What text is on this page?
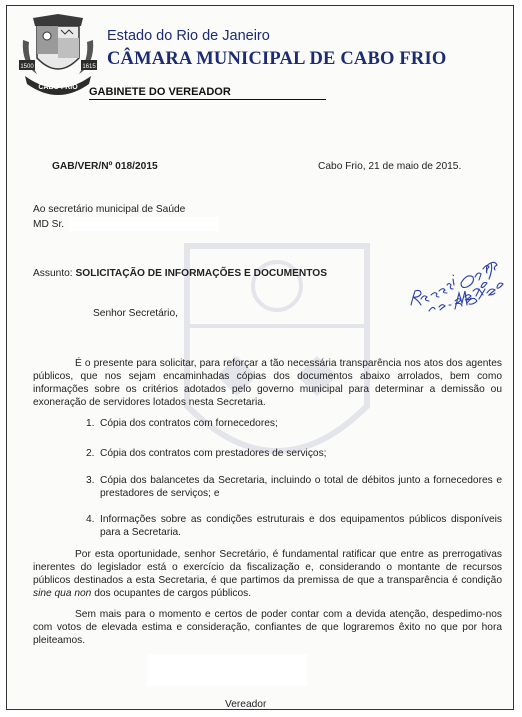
1500	1615
CABO FRIO
Estado do Rio de Janeiro
CÂMARA MUNICIPAL DE CABO FRIO
GABINETE DO VEREADOR
GAB/VER/Nº 018/2015	Cabo Frio, 21 de maio de 2015.
Ao secretário municipal de Saúde
MD Sr.
Assunto: SOLICITAÇÃO DE INFORMAÇÕES E DOCUMENTOS
Senhor Secretário,
É o presente para solicitar, para reforçar a tão necessária transparência nos atos dos agentes públicos, que nos sejam encaminhadas cópias dos documentos abaixo arrolados, bem como informações sobre os critérios adotados pelo governo municipal para determinar a demissão ou exoneração de servidores lotados nesta Secretaria.
1. Cópia dos contratos com fornecedores;
2. Cópia dos contratos com prestadores de serviços;
3. Cópia dos balancetes da Secretaria, incluindo o total de débitos junto a fornecedores e prestadores de serviços; e
4. Informações sobre as condições estruturais e dos equipamentos públicos disponíveis para a Secretaria.
Por esta oportunidade, senhor Secretário, é fundamental ratificar que entre as prerrogativas inerentes do legislador está o exercício da fiscalização e, considerando o montante de recursos públicos destinados a esta Secretaria, é que partimos da premissa de que a transparência é condição sine qua non dos ocupantes de cargos públicos.
Sem mais para o momento e certos de poder contar com a devida atenção, despedimo-nos com votos de elevada estima e consideração, confiantes de que lograremos êxito no que por hora pleiteamos.
Vereador
